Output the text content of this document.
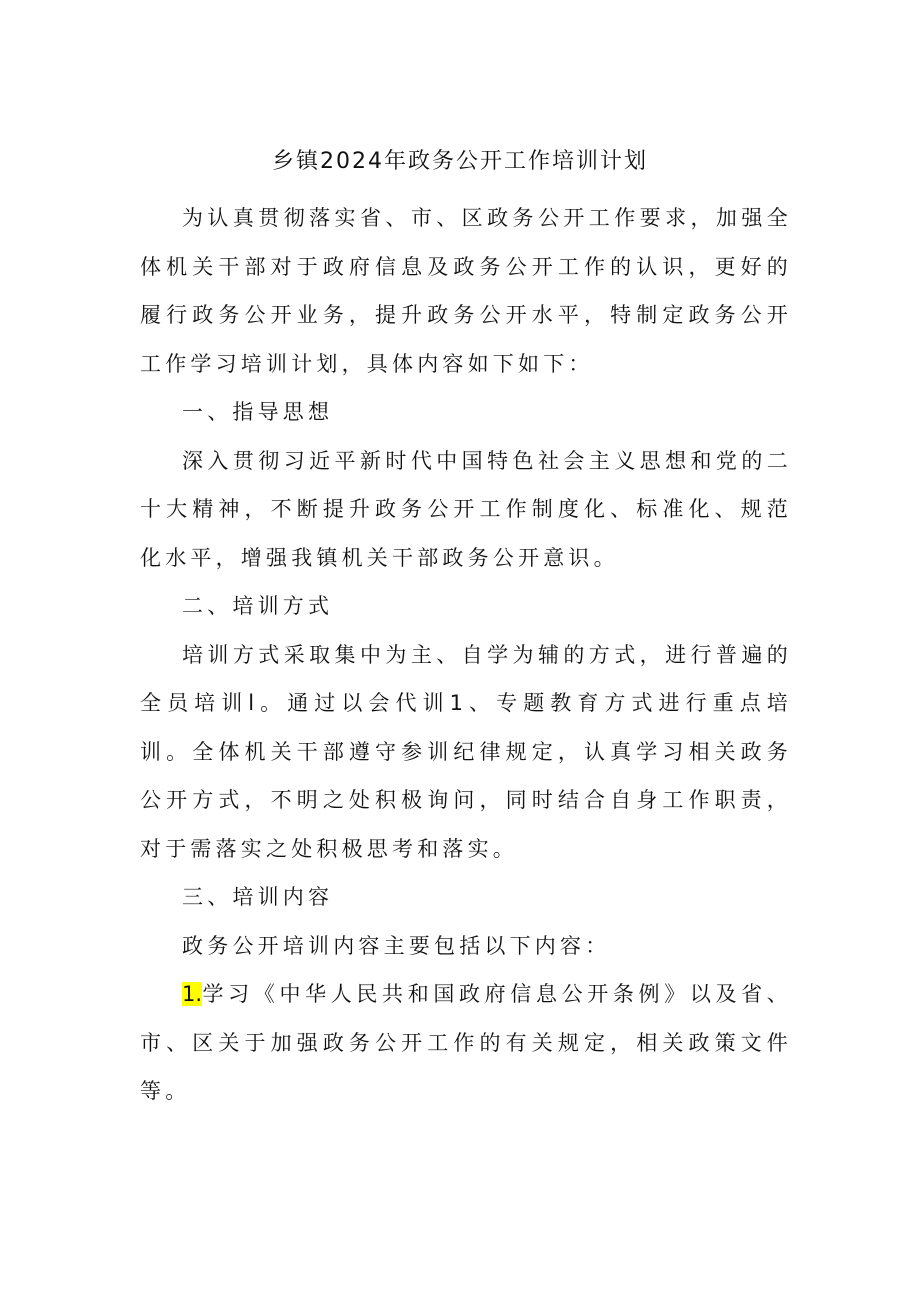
乡镇2024年政务公开工作培训计划

为认真贯彻落实省、市、区政务公开工作要求，加强全体机关干部对于政府信息及政务公开工作的认识，更好的履行政务公开业务，提升政务公开水平，特制定政务公开工作学习培训计划，具体内容如下如下：

一、指导思想

深入贯彻习近平新时代中国特色社会主义思想和党的二十大精神，不断提升政务公开工作制度化、标准化、规范化水平，增强我镇机关干部政务公开意识。

二、培训方式

培训方式采取集中为主、自学为辅的方式，进行普遍的全员培训l。通过以会代训1、专题教育方式进行重点培训。全体机关干部遵守参训纪律规定，认真学习相关政务公开方式，不明之处积极询问，同时结合自身工作职责，对于需落实之处积极思考和落实。

三、培训内容

政务公开培训内容主要包括以下内容：

1.学习《中华人民共和国政府信息公开条例》以及省、市、区关于加强政务公开工作的有关规定，相关政策文件等。
